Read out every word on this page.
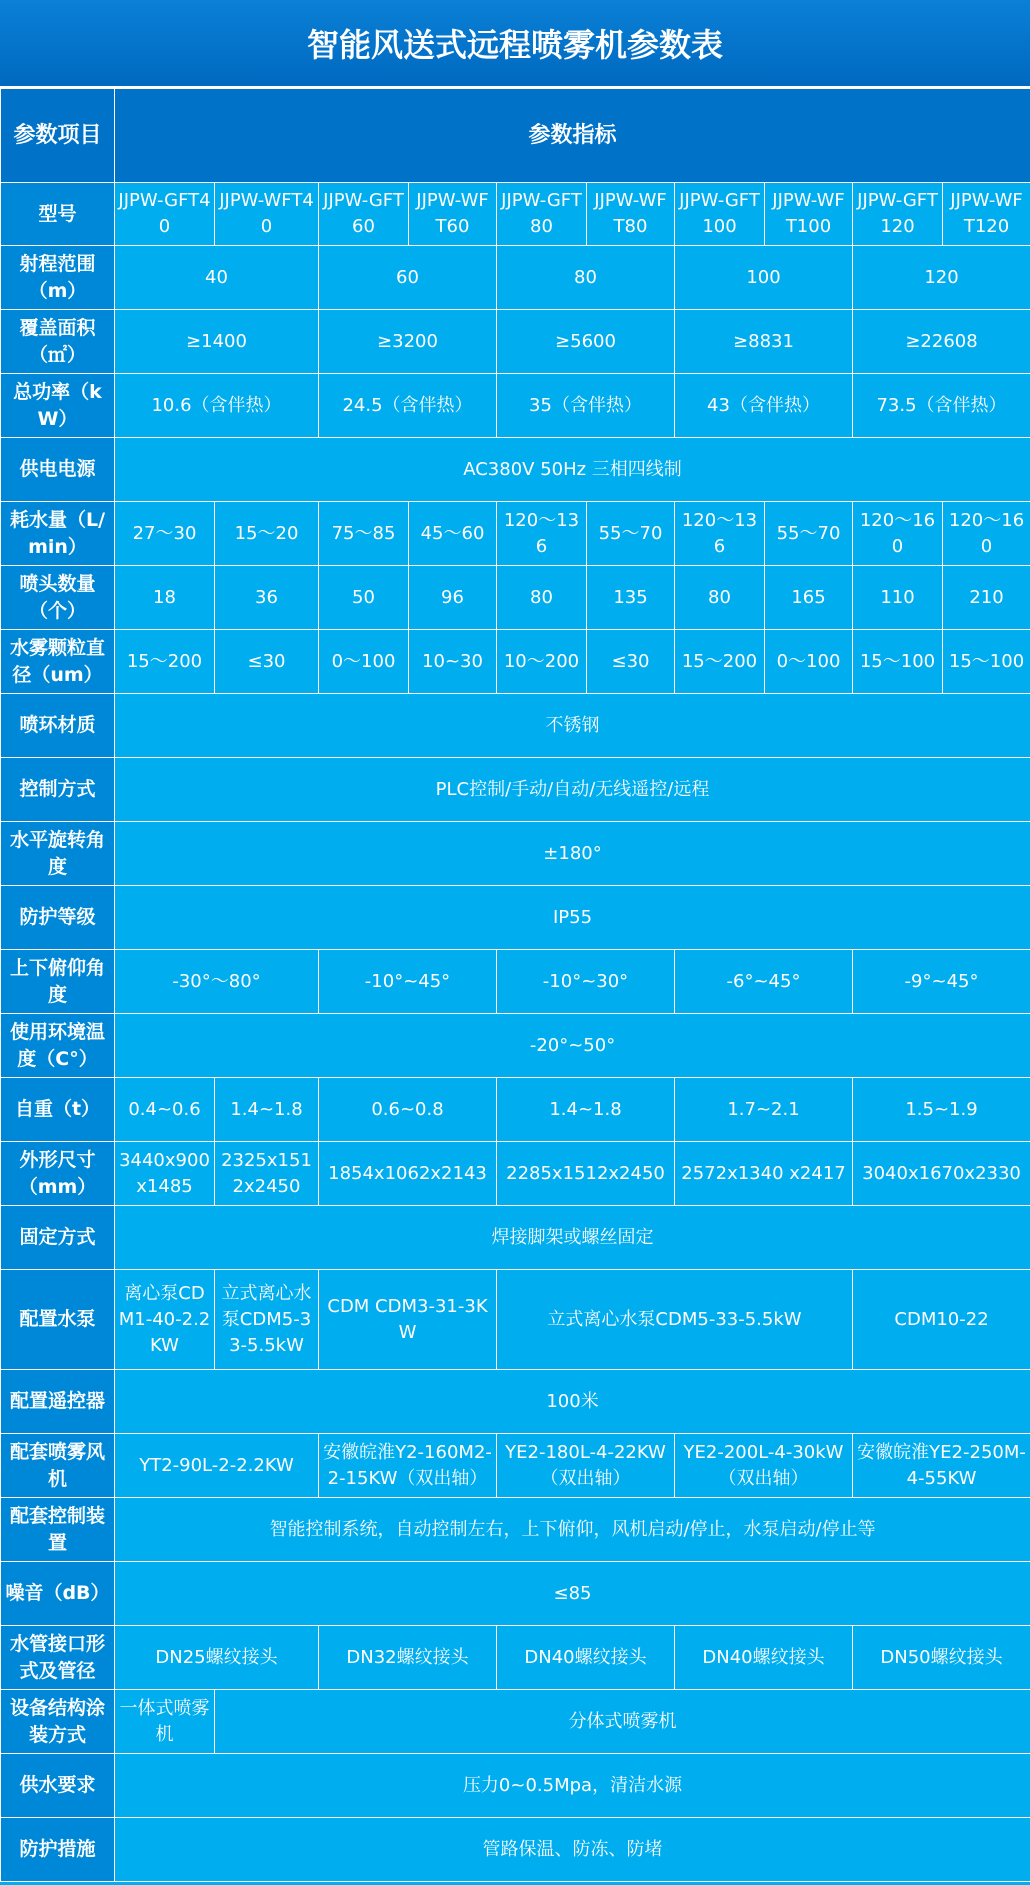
智能风送式远程喷雾机参数表
参数项目	参数指标									
型号	JJPW-GFT40	JJPW-WFT40	JJPW-GFT60	JJPW-WFT60	JJPW-GFT80	JJPW-WFT80	JJPW-GFT100	JJPW-WFT100	JJPW-GFT120	JJPW-WFT120
射程范围（m）	40		60		80		100		120	
覆盖面积（㎡）	≥1400		≥3200		≥5600		≥8831		≥22608	
总功率（kW）	10.6（含伴热）		24.5（含伴热）		35（含伴热）		43（含伴热）		73.5（含伴热）	
供电电源	AC380V 50Hz 三相四线制									
耗水量（L/min）	27～30	15～20	75～85	45～60	120～136	55～70	120～136	55～70	120～160	120～160
喷头数量（个）	18	36	50	96	80	135	80	165	110	210
水雾颗粒直径（um）	15～200	≤30	0～100	10~30	10～200	≤30	15～200	0～100	15～100	15～100
喷环材质	不锈钢									
控制方式	PLC控制/手动/自动/无线遥控/远程									
水平旋转角度	±180°									
防护等级	IP55									
上下俯仰角度	-30°～80°		-10°~45°		-10°~30°		-6°~45°		-9°~45°	
使用环境温度（C°）	-20°~50°									
自重（t）	0.4~0.6	1.4~1.8	0.6~0.8		1.4~1.8		1.7~2.1		1.5~1.9	
外形尺寸（mm）	3440x900x1485	2325x1512x2450	1854x1062x2143		2285x1512x2450		2572x1340 x2417		3040x1670x2330	
固定方式	焊接脚架或螺丝固定									
配置水泵	离心泵CDM1-40-2.2KW	立式离心水泵CDM5-33-5.5kW	CDM CDM3-31-3KW		立式离心水泵CDM5-33-5.5kW				CDM10-22	
配置遥控器	100米									
配套喷雾风机	YT2-90L-2-2.2KW		安徽皖淮Y2-160M2-2-15KW（双出轴）		YE2-180L-4-22KW（双出轴）		YE2-200L-4-30kW（双出轴）		安徽皖淮YE2-250M-4-55KW	
配套控制装置	智能控制系统，自动控制左右，上下俯仰，风机启动/停止，水泵启动/停止等									
噪音（dB）	≤85									
水管接口形式及管径	DN25螺纹接头		DN32螺纹接头		DN40螺纹接头		DN40螺纹接头		DN50螺纹接头	
设备结构涂装方式	一体式喷雾机	分体式喷雾机								
供水要求	压力0~0.5Mpa，清洁水源									
防护措施	管路保温、防冻、防堵									
